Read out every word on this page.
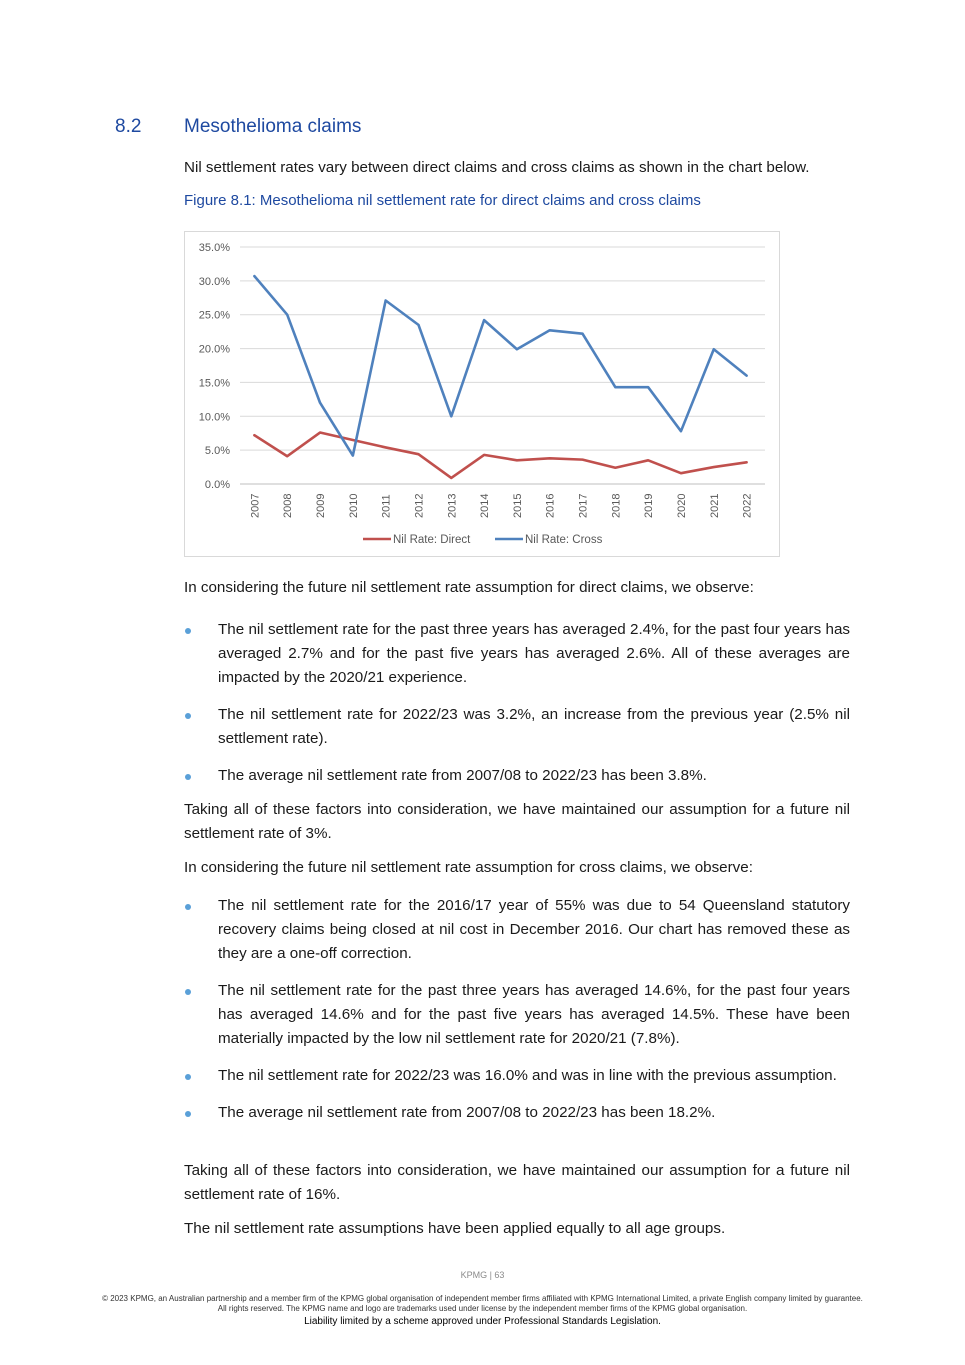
8.2 Mesothelioma claims

Nil settlement rates vary between direct claims and cross claims as shown in the chart below.

Figure 8.1: Mesothelioma nil settlement rate for direct claims and cross claims
0.0%
5.0%
10.0%
15.0%
20.0%
25.0%
30.0%
35.0%
2007 2008 2009 2010 2011 2012 2013 2014 2015 2016 2017 2018 2019 2020 2021 2022
Nil Rate: Direct	Nil Rate: Cross

In considering the future nil settlement rate assumption for direct claims, we observe:

The nil settlement rate for the past three years has averaged 2.4%, for the past four years has averaged 2.7% and for the past five years has averaged 2.6%. All of these averages are impacted by the 2020/21 experience.
The nil settlement rate for 2022/23 was 3.2%, an increase from the previous year (2.5% nil settlement rate).
The average nil settlement rate from 2007/08 to 2022/23 has been 3.8%.

Taking all of these factors into consideration, we have maintained our assumption for a future nil settlement rate of 3%.

In considering the future nil settlement rate assumption for cross claims, we observe:

The nil settlement rate for the 2016/17 year of 55% was due to 54 Queensland statutory recovery claims being closed at nil cost in December 2016. Our chart has removed these as they are a one-off correction.
The nil settlement rate for the past three years has averaged 14.6%, for the past four years has averaged 14.6% and for the past five years has averaged 14.5%. These have been materially impacted by the low nil settlement rate for 2020/21 (7.8%).
The nil settlement rate for 2022/23 was 16.0% and was in line with the previous assumption.
The average nil settlement rate from 2007/08 to 2022/23 has been 18.2%.

Taking all of these factors into consideration, we have maintained our assumption for a future nil settlement rate of 16%.

The nil settlement rate assumptions have been applied equally to all age groups.

KPMG | 63
© 2023 KPMG, an Australian partnership and a member firm of the KPMG global organisation of independent member firms affiliated with KPMG International Limited, a private English company limited by guarantee. All rights reserved. The KPMG name and logo are trademarks used under license by the independent member firms of the KPMG global organisation.
Liability limited by a scheme approved under Professional Standards Legislation.
